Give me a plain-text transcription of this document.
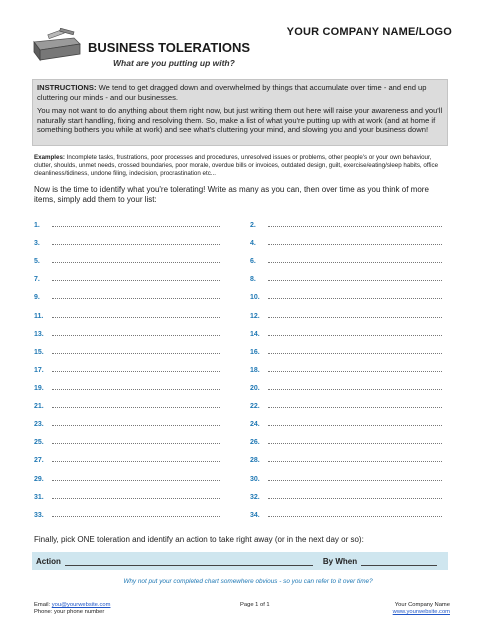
YOUR COMPANY NAME/LOGO
BUSINESS TOLERATIONS
What are you putting up with?

INSTRUCTIONS: We tend to get dragged down and overwhelmed by things that accumulate over time - and end up cluttering our minds - and our businesses.

You may not want to do anything about them right now, but just writing them out here will raise your awareness and you'll naturally start handling, fixing and resolving them. So, make a list of what you're putting up with at work (and at home if something bothers you while at work) and see what's cluttering your mind, and slowing you and your business down!

Examples: Incomplete tasks, frustrations, poor processes and procedures, unresolved issues or problems, other people's or your own behaviour, clutter, shoulds, unmet needs, crossed boundaries, poor morale, overdue bills or invoices, outdated design, guilt, exercise/eating/sleep habits, office cleanliness/tidiness, undone filing, indecision, procrastination etc...
Now is the time to identify what you're tolerating! Write as many as you can, then over time as you think of more items, simply add them to your list:
1.	2.
3.	4.
5.	6.
7.	8.
9.	10.
11.	12.
13.	14.
15.	16.
17.	18.
19.	20.
21.	22.
23.	24.
25.	26.
27.	28.
29.	30.
31.	32.
33.	34.
Finally, pick ONE toleration and identify an action to take right away (or in the next day or so):
Action	By When
Why not put your completed chart somewhere obvious - so you can refer to it over time?
Email: you@yourwebsite.com
Phone: your phone number
Page 1 of 1	Your Company Name
www.yourwebsite.com
